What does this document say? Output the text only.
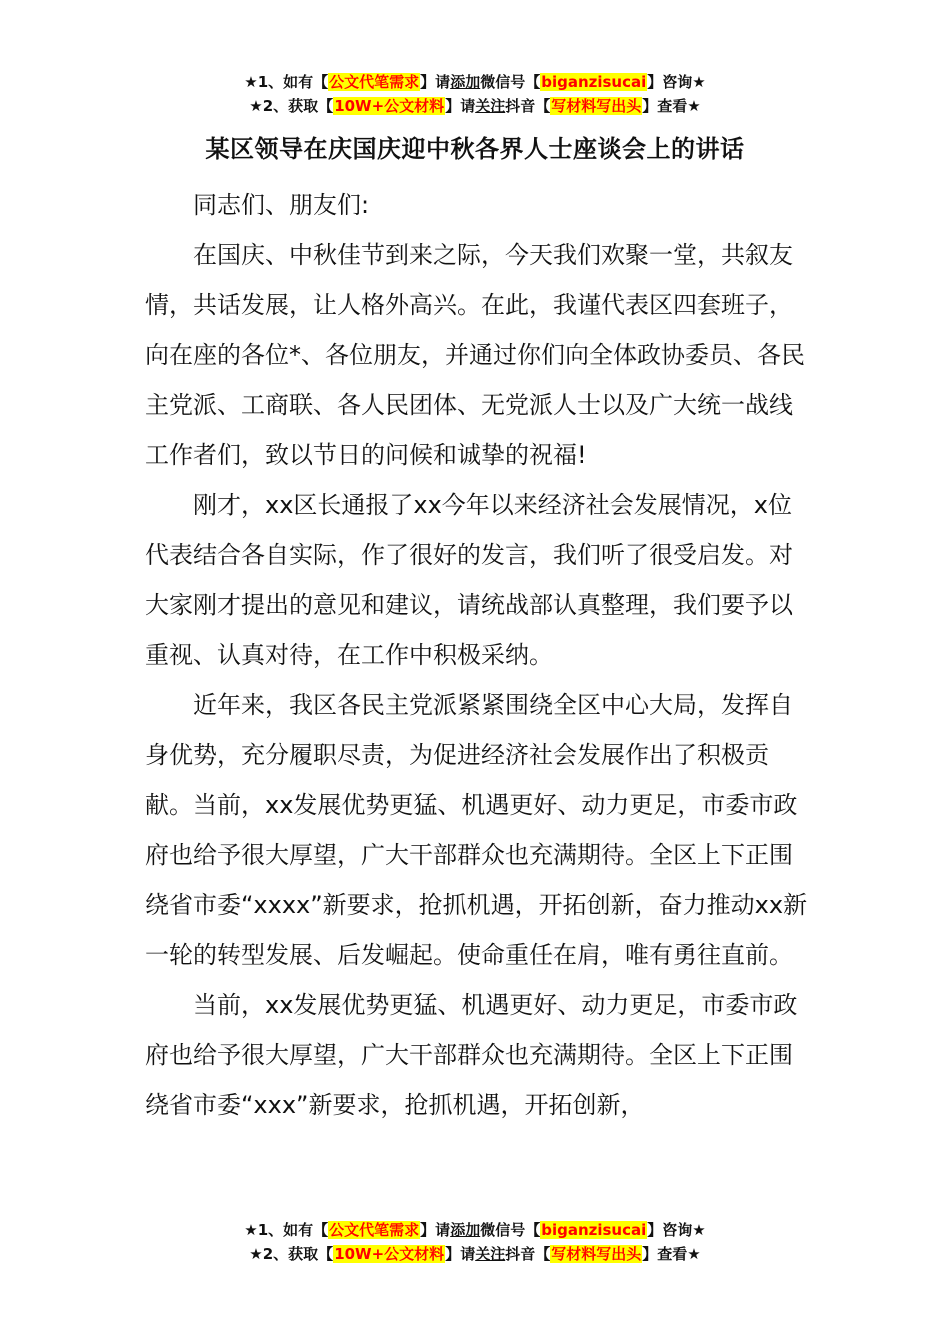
★1、如有【公文代笔需求】请添加微信号【biganzisucai】咨询★
★2、获取【10W+公文材料】请关注抖音【写材料写出头】查看★
某区领导在庆国庆迎中秋各界人士座谈会上的讲话

同志们、朋友们:

在国庆、中秋佳节到来之际，今天我们欢聚一堂，共叙友情，共话发展，让人格外高兴。在此，我谨代表区四套班子，向在座的各位*、各位朋友，并通过你们向全体政协委员、各民主党派、工商联、各人民团体、无党派人士以及广大统一战线工作者们，致以节日的问候和诚挚的祝福!

刚才，xx区长通报了xx今年以来经济社会发展情况，x位代表结合各自实际，作了很好的发言，我们听了很受启发。对大家刚才提出的意见和建议，请统战部认真整理，我们要予以重视、认真对待，在工作中积极采纳。

近年来，我区各民主党派紧紧围绕全区中心大局，发挥自身优势，充分履职尽责，为促进经济社会发展作出了积极贡献。当前，xx发展优势更猛、机遇更好、动力更足，市委市政府也给予很大厚望，广大干部群众也充满期待。全区上下正围绕省市委“xxxx”新要求，抢抓机遇，开拓创新，奋力推动xx新一轮的转型发展、后发崛起。使命重任在肩，唯有勇往直前。

当前，xx发展优势更猛、机遇更好、动力更足，市委市政府也给予很大厚望，广大干部群众也充满期待。全区上下正围绕省市委“xxx”新要求，抢抓机遇，开拓创新，

★1、如有【公文代笔需求】请添加微信号【biganzisucai】咨询★
★2、获取【10W+公文材料】请关注抖音【写材料写出头】查看★
